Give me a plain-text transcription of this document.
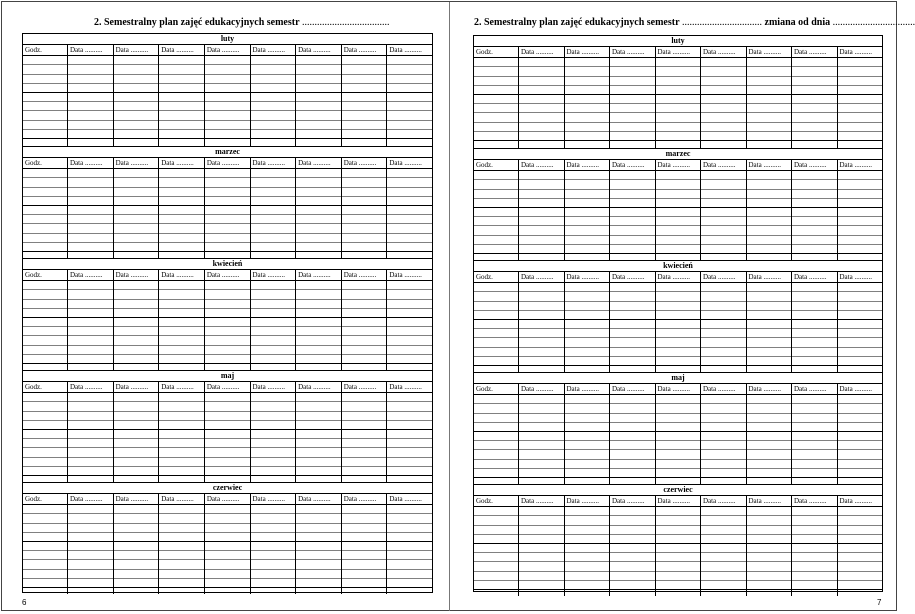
2. Semestralny plan zajęć edukacyjnych semestr ...................................
luty
Godz.	Data ..........	Data ..........	Data ..........	Data ..........	Data ..........	Data ..........	Data ..........	Data ..........
marzec
Godz.	Data ..........	Data ..........	Data ..........	Data ..........	Data ..........	Data ..........	Data ..........	Data ..........
kwiecień
Godz.	Data ..........	Data ..........	Data ..........	Data ..........	Data ..........	Data ..........	Data ..........	Data ..........
maj
Godz.	Data ..........	Data ..........	Data ..........	Data ..........	Data ..........	Data ..........	Data ..........	Data ..........
czerwiec
Godz.	Data ..........	Data ..........	Data ..........	Data ..........	Data ..........	Data ..........	Data ..........	Data ..........
6
2. Semestralny plan zajęć edukacyjnych semestr ................................ zmiana od dnia .................................
luty
Godz.	Data ..........	Data ..........	Data ..........	Data ..........	Data ..........	Data ..........	Data ..........	Data ..........
marzec
Godz.	Data ..........	Data ..........	Data ..........	Data ..........	Data ..........	Data ..........	Data ..........	Data ..........
kwiecień
Godz.	Data ..........	Data ..........	Data ..........	Data ..........	Data ..........	Data ..........	Data ..........	Data ..........
maj
Godz.	Data ..........	Data ..........	Data ..........	Data ..........	Data ..........	Data ..........	Data ..........	Data ..........
czerwiec
Godz.	Data ..........	Data ..........	Data ..........	Data ..........	Data ..........	Data ..........	Data ..........	Data ..........
7
